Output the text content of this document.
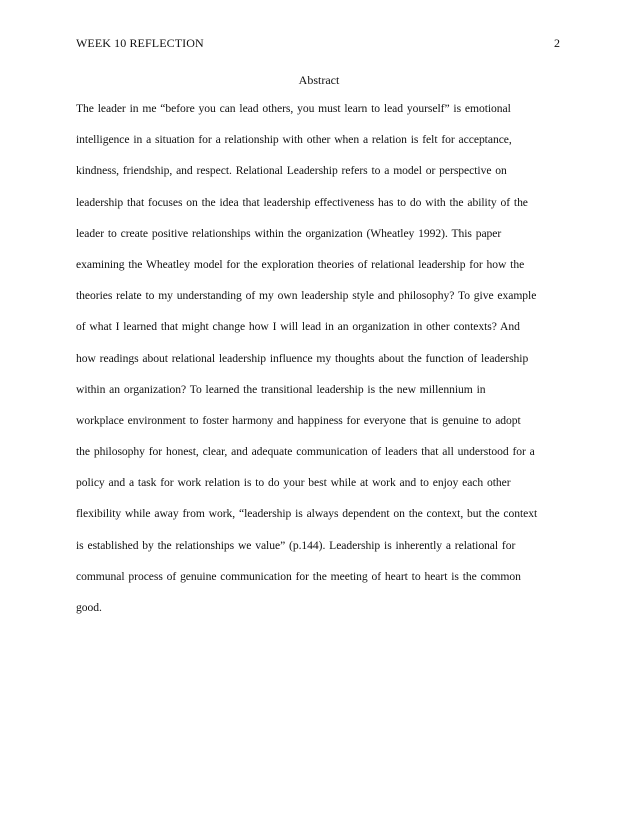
WEEK 10 REFLECTION	2
Abstract
The leader in me “before you can lead others, you must learn to lead yourself” is emotional
intelligence in a situation for a relationship with other when a relation is felt for acceptance,
kindness, friendship, and respect. Relational Leadership refers to a model or perspective on
leadership that focuses on the idea that leadership effectiveness has to do with the ability of the
leader to create positive relationships within the organization (Wheatley 1992). This paper
examining the Wheatley model for the exploration theories of relational leadership for how the
theories relate to my understanding of my own leadership style and philosophy? To give example
of what I learned that might change how I will lead in an organization in other contexts? And
how readings about relational leadership influence my thoughts about the function of leadership
within an organization? To learned the transitional leadership is the new millennium in
workplace environment to foster harmony and happiness for everyone that is genuine to adopt
the philosophy for honest, clear, and adequate communication of leaders that all understood for a
policy and a task for work relation is to do your best while at work and to enjoy each other
flexibility while away from work, “leadership is always dependent on the context, but the context
is established by the relationships we value” (p.144). Leadership is inherently a relational for
communal process of genuine communication for the meeting of heart to heart is the common
good.
